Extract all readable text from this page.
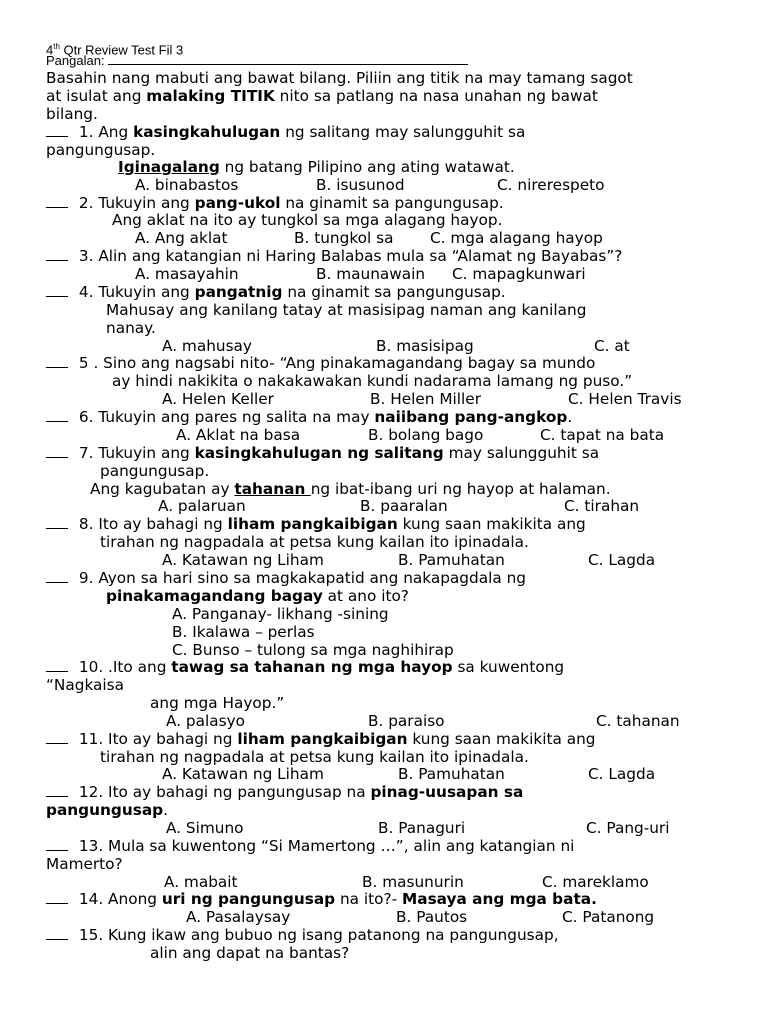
4th Qtr Review Test Fil 3
Pangalan:
Basahin nang mabuti ang bawat bilang. Piliin ang titik na may tamang sagot
at isulat ang malaking TITIK nito sa patlang na nasa unahan ng bawat
bilang.
1. Ang kasingkahulugan ng salitang may salungguhit sa
pangungusap.
Iginagalang ng batang Pilipino ang ating watawat.
A. binabastos	B. isusunod	C. nirerespeto
2. Tukuyin ang pang-ukol na ginamit sa pangungusap.
Ang aklat na ito ay tungkol sa mga alagang hayop.
A. Ang aklat	B. tungkol sa C. mga alagang hayop
3. Alin ang katangian ni Haring Balabas mula sa “Alamat ng Bayabas”?
A. masayahin	B. maunawain C. mapagkunwari
4. Tukuyin ang pangatnig na ginamit sa pangungusap.
Mahusay ang kanilang tatay at masisipag naman ang kanilang
nanay.
A. mahusay	B. masisipag	C. at
5 . Sino ang nagsabi nito- “Ang pinakamagandang bagay sa mundo
ay hindi nakikita o nakakawakan kundi nadarama lamang ng puso.”
A. Helen Keller	B. Helen Miller	C. Helen Travis
6. Tukuyin ang pares ng salita na may naiibang pang-angkop.
A. Aklat na basa	B. bolang bago	C. tapat na bata
7. Tukuyin ang kasingkahulugan ng salitang may salungguhit sa
pangungusap.
Ang kagubatan ay tahanan ng ibat-ibang uri ng hayop at halaman.
A. palaruan	B. paaralan	C. tirahan
8. Ito ay bahagi ng liham pangkaibigan kung saan makikita ang
tirahan ng nagpadala at petsa kung kailan ito ipinadala.
A. Katawan ng Liham	B. Pamuhatan	C. Lagda
9. Ayon sa hari sino sa magkakapatid ang nakapagdala ng
pinakamagandang bagay at ano ito?
A. Panganay- likhang -sining
B. Ikalawa – perlas
C. Bunso – tulong sa mga naghihirap
10. .Ito ang tawag sa tahanan ng mga hayop sa kuwentong
“Nagkaisa
ang mga Hayop.”
A. palasyo	B. paraiso	C. tahanan
11. Ito ay bahagi ng liham pangkaibigan kung saan makikita ang
tirahan ng nagpadala at petsa kung kailan ito ipinadala.
A. Katawan ng Liham	B. Pamuhatan	C. Lagda
12. Ito ay bahagi ng pangungusap na pinag-uusapan sa
pangungusap.
A. Simuno	B. Panaguri	C. Pang-uri
13. Mula sa kuwentong “Si Mamertong …”, alin ang katangian ni
Mamerto?
A. mabait	B. masunurin	C. mareklamo
14. Anong uri ng pangungusap na ito?- Masaya ang mga bata.
A. Pasalaysay	B. Pautos	C. Patanong
15. Kung ikaw ang bubuo ng isang patanong na pangungusap,
alin ang dapat na bantas?
